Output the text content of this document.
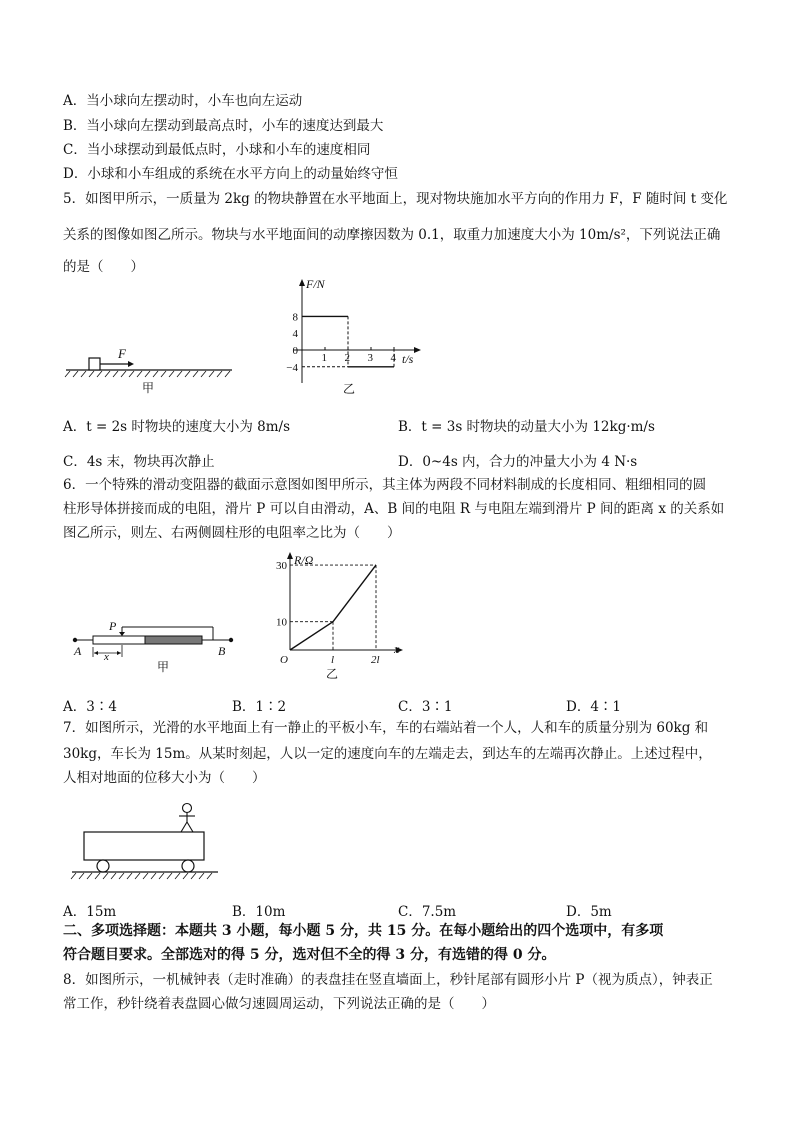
A．当小球向左摆动时，小车也向左运动
B．当小球向左摆动到最高点时，小车的速度达到最大
C．当小球摆动到最低点时，小球和小车的速度相同
D．小球和小车组成的系统在水平方向上的动量始终守恒
5．如图甲所示，一质量为 2kg 的物块静置在水平地面上，现对物块施加水平方向的作用力 F，F 随时间 t 变化
关系的图像如图乙所示。物块与水平地面间的动摩擦因数为 0.1，取重力加速度大小为 10m/s²，下列说法正确
的是（　　）
F
甲
F/N
t/s
1 2 3 4
8
4
0
−4
乙
A．t = 2s 时物块的速度大小为 8m/s	B．t = 3s 时物块的动量大小为 12kg·m/s
C．4s 末，物块再次静止	D．0~4s 内，合力的冲量大小为 4 N·s
6．一个特殊的滑动变阻器的截面示意图如图甲所示，其主体为两段不同材料制成的长度相同、粗细相同的圆
柱形导体拼接而成的电阻，滑片 P 可以自由滑动，A、B 间的电阻 R 与电阻左端到滑片 P 间的距离 x 的关系如
图乙所示，则左、右两侧圆柱形的电阻率之比为（　　）
P
A	B
x
甲
R/Ω
x
30
10
O	l	2l
乙
A．3∶4	B．1∶2	C．3∶1	D．4∶1
7．如图所示，光滑的水平地面上有一静止的平板小车，车的右端站着一个人，人和车的质量分别为 60kg 和
30kg，车长为 15m。从某时刻起，人以一定的速度向车的左端走去，到达车的左端再次静止。上述过程中，
人相对地面的位移大小为（　　）
A．15m	B．10m	C．7.5m	D．5m
二、多项选择题：本题共 3 小题，每小题 5 分，共 15 分。在每小题给出的四个选项中，有多项
符合题目要求。全部选对的得 5 分，选对但不全的得 3 分，有选错的得 0 分。
8．如图所示，一机械钟表（走时准确）的表盘挂在竖直墙面上，秒针尾部有圆形小片 P（视为质点），钟表正
常工作，秒针绕着表盘圆心做匀速圆周运动，下列说法正确的是（　　）
